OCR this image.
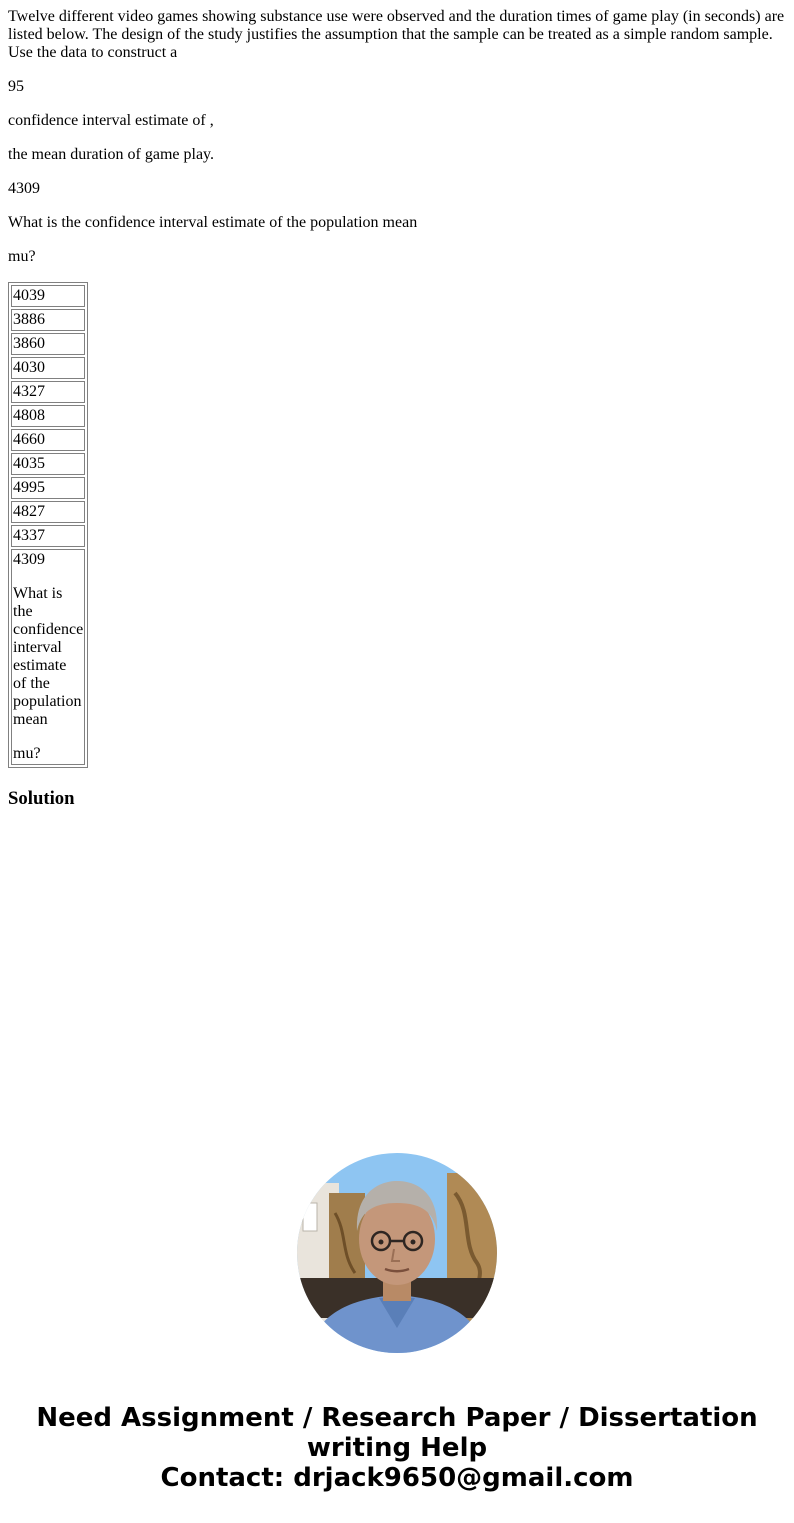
Twelve different video games showing substance use were observed and the duration times of game play (in seconds) are listed below. The design of the study justifies the assumption that the sample can be treated as a simple random sample. Use the data to construct a

95

confidence interval estimate of ,

the mean duration of game play.

4309

What is the confidence interval estimate of the population mean

mu?

4039
3886
3860
4030
4327
4808
4660
4035
4995
4827
4337

4309

What is the confidence interval estimate of the population mean

mu?

Solution
Need Assignment / Research Paper / Dissertation
writing Help
Contact: drjack9650@gmail.com
